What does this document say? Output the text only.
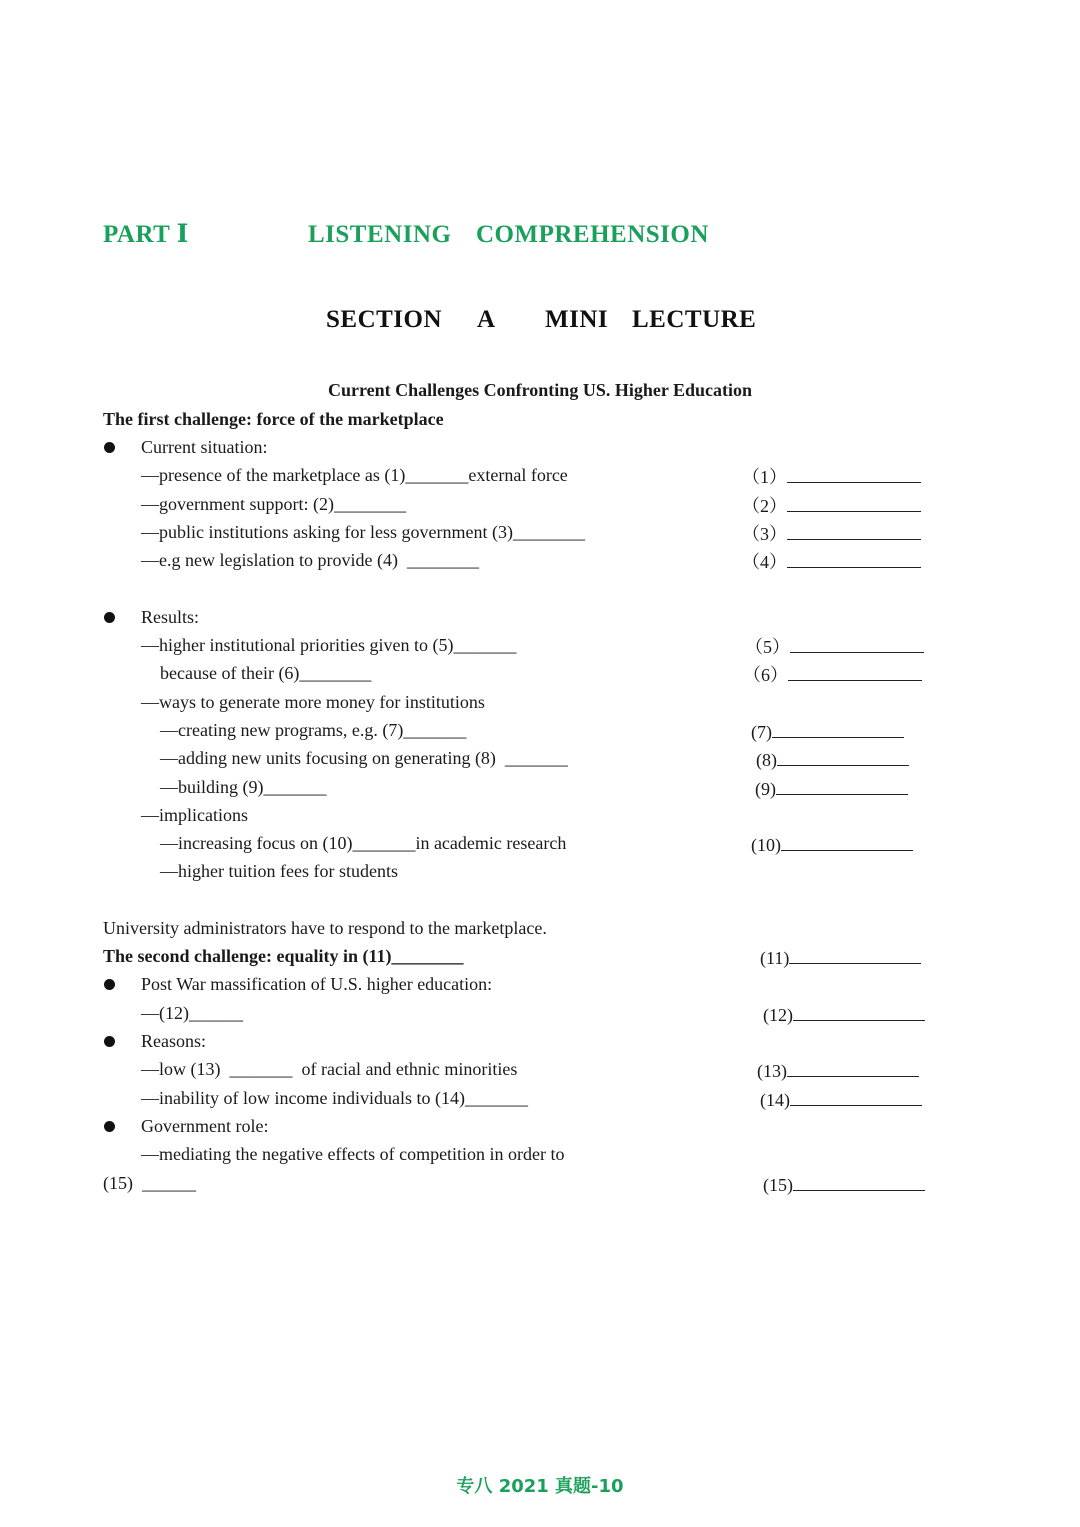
PART Ⅰ	LISTENING COMPREHENSION
SECTION A MINI LECTURE
Current Challenges Confronting US. Higher Education
The first challenge: force of the marketplace
Current situation:
—presence of the marketplace as (1)_______external force
—government support: (2)________
—public institutions asking for less government (3)________
—e.g new legislation to provide (4)  ________
Results:
—higher institutional priorities given to (5)_______
because of their (6)________
—ways to generate more money for institutions
—creating new programs, e.g. (7)_______
—adding new units focusing on generating (8)  _______
—building (9)_______
—implications
—increasing focus on (10)_______in academic research
—higher tuition fees for students
University administrators have to respond to the marketplace.
The second challenge: equality in (11)________
Post War massification of U.S. higher education:
—(12)______
Reasons:
—low (13)  _______  of racial and ethnic minorities
—inability of low income individuals to (14)_______
Government role:
—mediating the negative effects of competition in order to
(15)  ______
（1）
（2）
（3）
（4）
（5）
（6）
(7)
(8)
(9)
(10)
(11)
(12)
(13)
(14)
(15)
专八 2021 真题-10
